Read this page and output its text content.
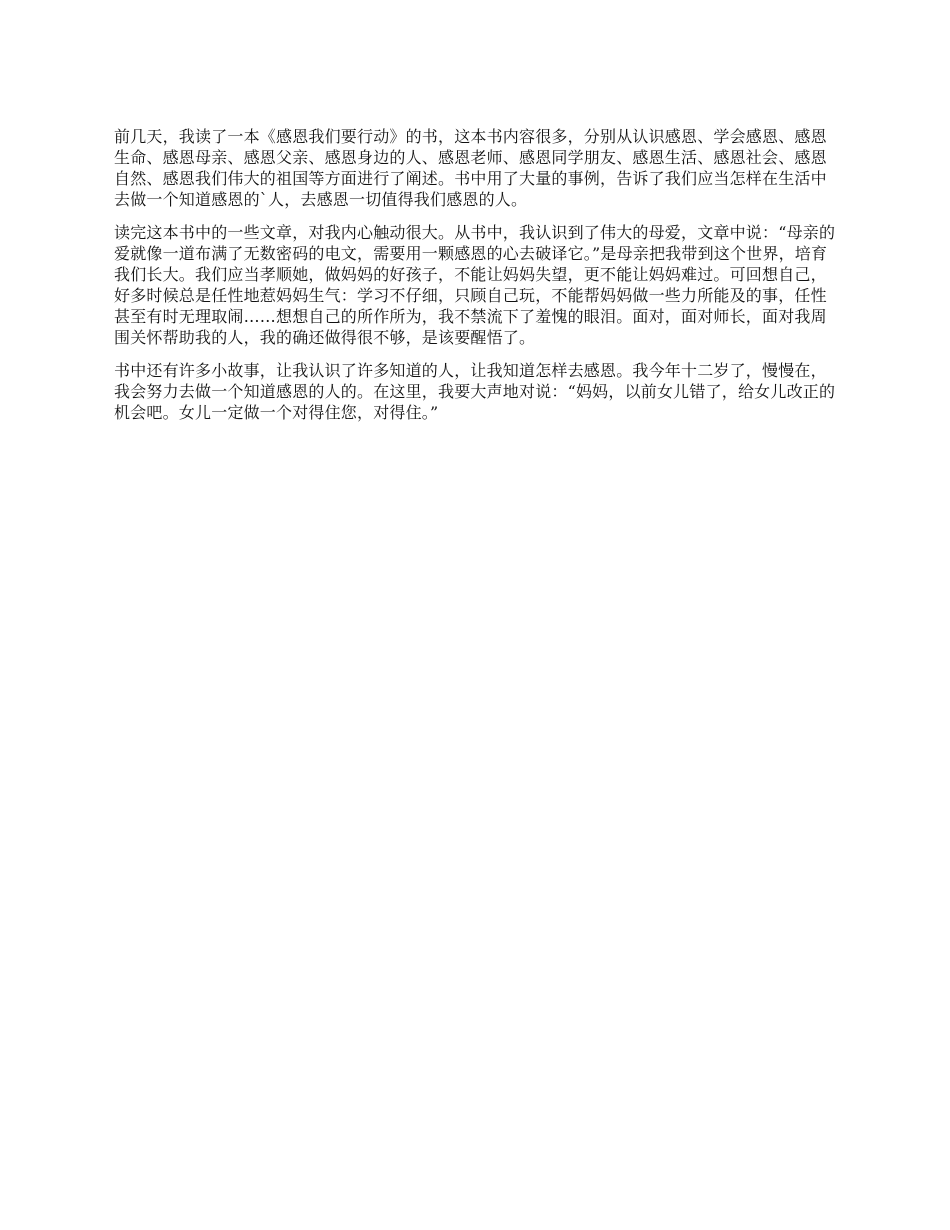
前几天，我读了一本《感恩我们要行动》的书，这本书内容很多，分别从认识感恩、学会感恩、感恩生命、感恩母亲、感恩父亲、感恩身边的人、感恩老师、感恩同学朋友、感恩生活、感恩社会、感恩自然、感恩我们伟大的祖国等方面进行了阐述。书中用了大量的事例，告诉了我们应当怎样在生活中去做一个知道感恩的`人，去感恩一切值得我们感恩的人。

读完这本书中的一些文章，对我内心触动很大。从书中，我认识到了伟大的母爱，文章中说：“母亲的爱就像一道布满了无数密码的电文，需要用一颗感恩的心去破译它。”是母亲把我带到这个世界，培育我们长大。我们应当孝顺她，做妈妈的好孩子，不能让妈妈失望，更不能让妈妈难过。可回想自己，好多时候总是任性地惹妈妈生气：学习不仔细，只顾自己玩，不能帮妈妈做一些力所能及的事，任性甚至有时无理取闹……想想自己的所作所为，我不禁流下了羞愧的眼泪。面对，面对师长，面对我周围关怀帮助我的人，我的确还做得很不够，是该要醒悟了。

书中还有许多小故事，让我认识了许多知道的人，让我知道怎样去感恩。我今年十二岁了，慢慢在，我会努力去做一个知道感恩的人的。在这里，我要大声地对说：“妈妈，以前女儿错了，给女儿改正的机会吧。女儿一定做一个对得住您，对得住。”
